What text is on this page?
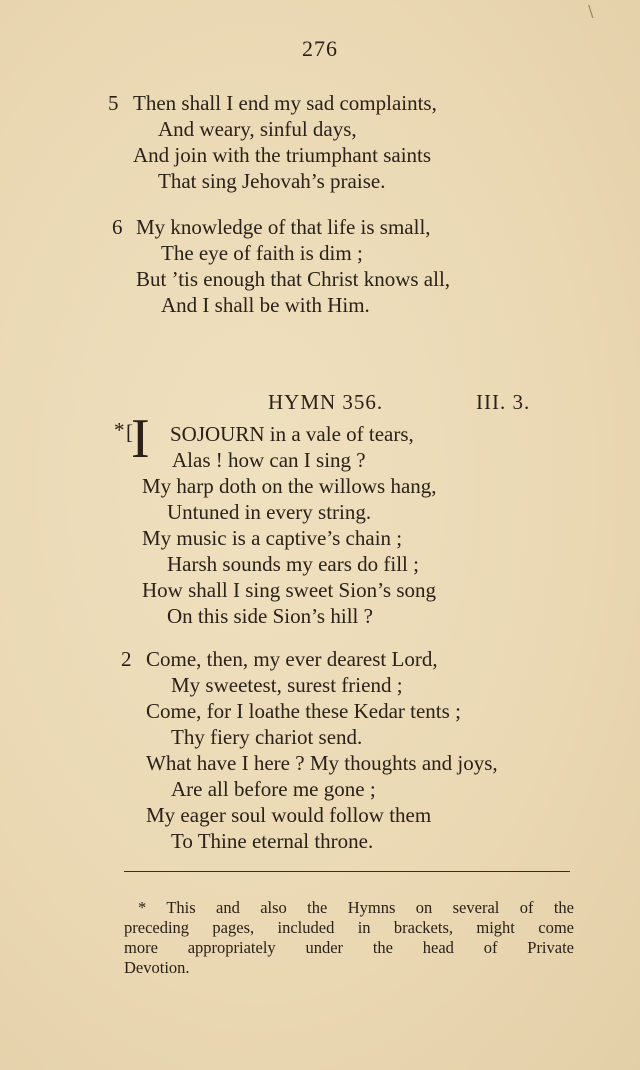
∖
276
5 Then shall I end my sad complaints,
And weary, sinful days,
And join with the triumphant saints
That sing Jehovah’s praise.
6 My knowledge of that life is small,
The eye of faith is dim ;
But ’tis enough that Christ knows all,
And I shall be with Him.
HYMN 356.	III. 3.
* [
I SOJOURN in a vale of tears,
Alas ! how can I sing ?
My harp doth on the willows hang,
Untuned in every string.
My music is a captive’s chain ;
Harsh sounds my ears do fill ;
How shall I sing sweet Sion’s song
On this side Sion’s hill ?
2 Come, then, my ever dearest Lord,
My sweetest, surest friend ;
Come, for I loathe these Kedar tents ;
Thy fiery chariot send.
What have I here ? My thoughts and joys,
Are all before me gone ;
My eager soul would follow them
To Thine eternal throne.
* This and also the Hymns on several of the
preceding pages, included in brackets, might come
more appropriately under the head of Private
Devotion.
